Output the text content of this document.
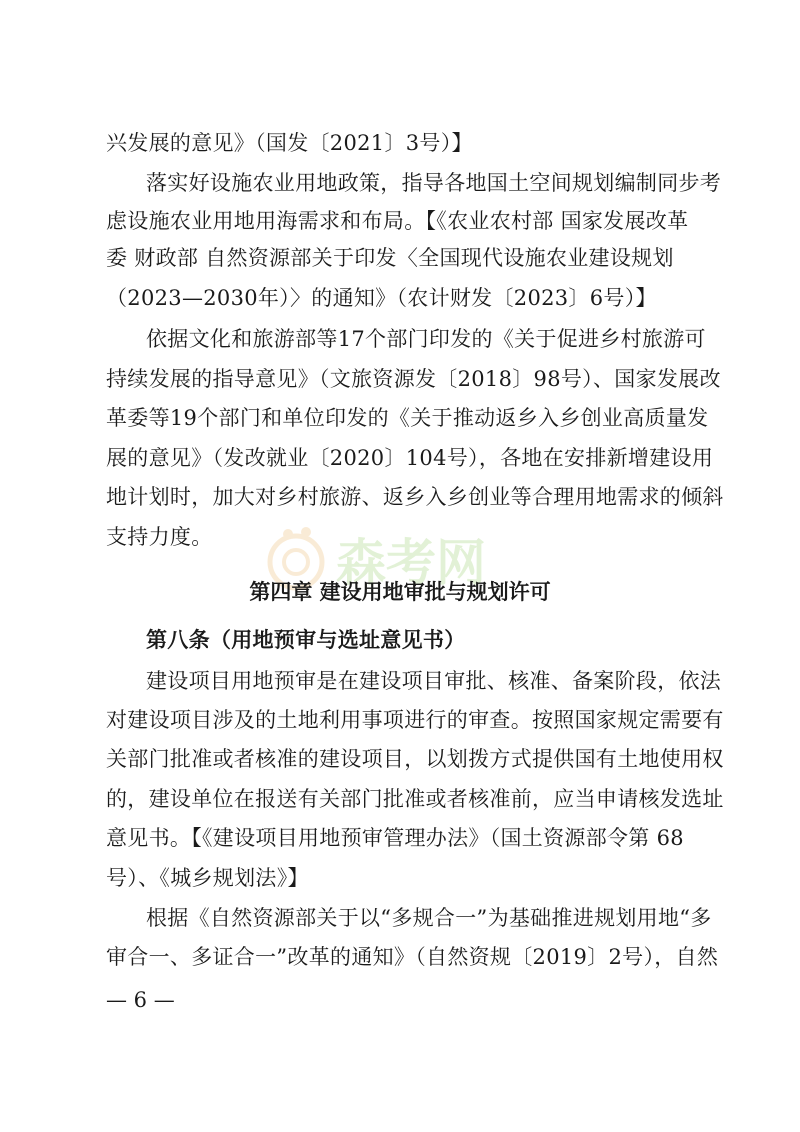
森考网
兴发展的意见》（国发〔2021〕3号）】
落实好设施农业用地政策，指导各地国土空间规划编制同步考
虑设施农业用地用海需求和布局。【《农业农村部 国家发展改革
委 财政部 自然资源部关于印发〈全国现代设施农业建设规划
（2023—2030年）〉的通知》（农计财发〔2023〕6号）】
依据文化和旅游部等17个部门印发的《关于促进乡村旅游可
持续发展的指导意见》（文旅资源发〔2018〕98号）、国家发展改
革委等19个部门和单位印发的《关于推动返乡入乡创业高质量发
展的意见》（发改就业〔2020〕104号），各地在安排新增建设用
地计划时，加大对乡村旅游、返乡入乡创业等合理用地需求的倾斜
支持力度。
第四章 建设用地审批与规划许可
第八条（用地预审与选址意见书）
建设项目用地预审是在建设项目审批、核准、备案阶段，依法
对建设项目涉及的土地利用事项进行的审查。按照国家规定需要有
关部门批准或者核准的建设项目，以划拨方式提供国有土地使用权
的，建设单位在报送有关部门批准或者核准前，应当申请核发选址
意见书。【《建设项目用地预审管理办法》（国土资源部令第 68
号）、《城乡规划法》】
根据《自然资源部关于以“多规合一”为基础推进规划用地“多
审合一、多证合一”改革的通知》（自然资规〔2019〕2号），自然
— 6 —
